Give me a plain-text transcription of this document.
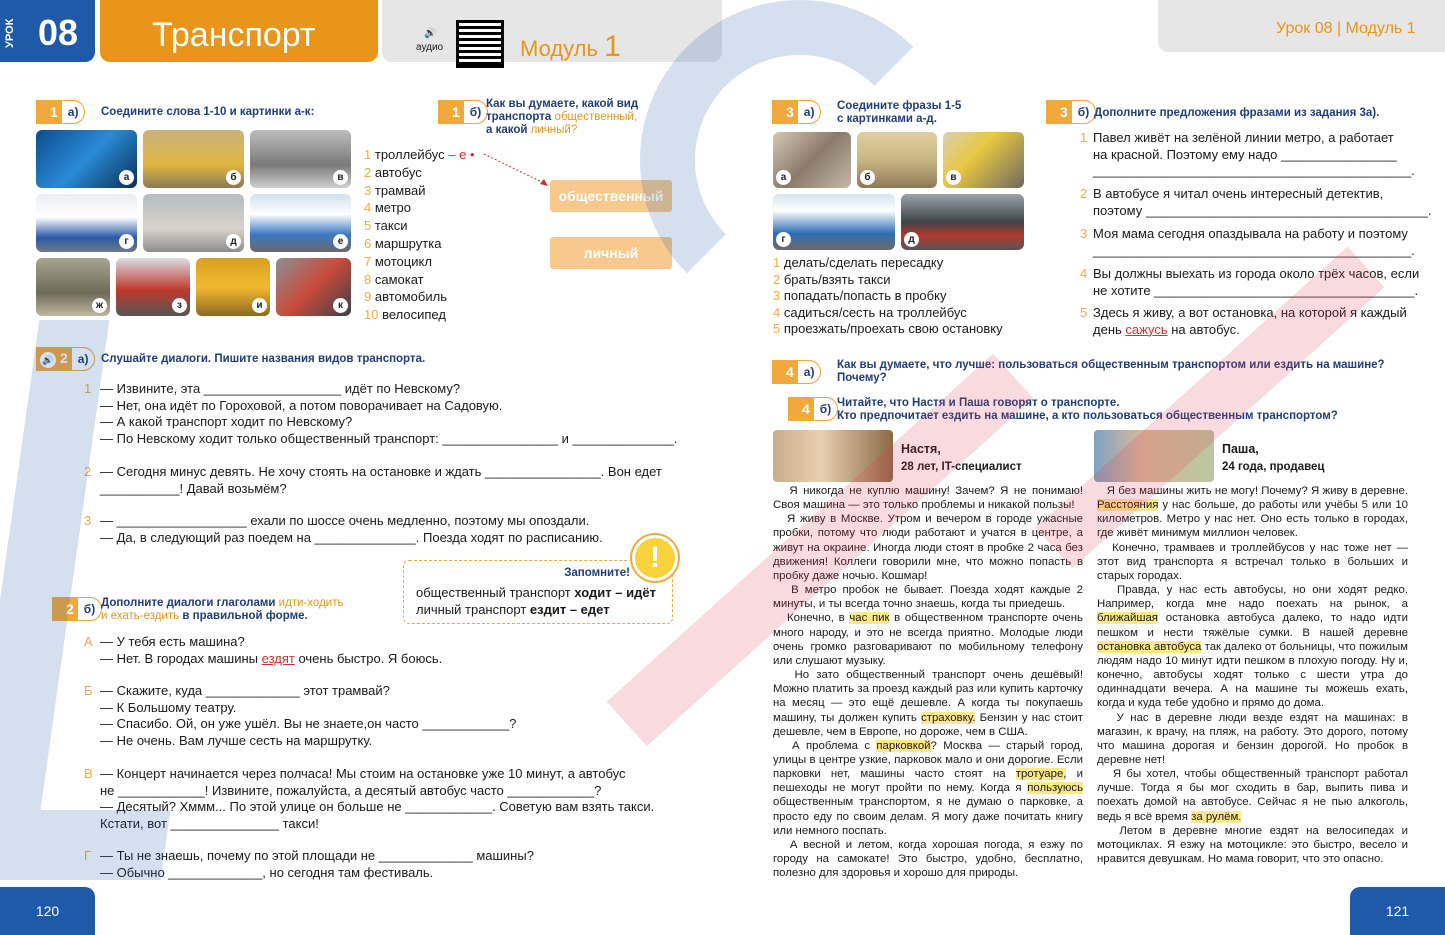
УРОК 08 Транспорт	🔊
аудио	Модуль 1
1 а)	Соедините слова 1-10 и картинки а-к:
а	б	в
г	д	е
ж	з	и	к
1 троллейбус – е •
2 автобус
3 трамвай
4 метро
5 такси
6 маршрутка
7 мотоцикл
8 самокат
9 автомобиль
10 велосипед
1 б)
Как вы думаете, какой вид
транспорта общественный,
а какой личный?
общественный
личный
🔊 2 а)	Слушайте диалоги. Пишите названия видов транспорта.
1 — Извините, эта ___________________ идёт по Невскому?
— Нет, она идёт по Гороховой, а потом поворачивает на Садовую.
— А какой транспорт ходит по Невскому?
— По Невскому ходит только общественный транспорт: ________________ и ______________.
2 — Сегодня минус девять. Не хочу стоять на остановке и ждать ________________. Вон едет
___________! Давай возьмём?
3 — __________________ ехали по шоссе очень медленно, поэтому мы опоздали.
— Да, в следующий раз поедем на ______________. Поезда ходят по расписанию.
Запомните!
общественный транспорт ходит – идёт
личный транспорт ездит – едет
!
2 б) Дополните диалоги глаголами идти-ходить
и ехать-ездить в правильной форме.
А — У тебя есть машина?
— Нет. В городах машины ездят очень быстро. Я боюсь.
Б — Скажите, куда _____________ этот трамвай?
— К Большому театру.
— Спасибо. Ой, он уже ушёл. Вы не знаете,он часто ____________?
— Не очень. Вам лучше сесть на маршрутку.
В — Концерт начинается через полчаса! Мы стоим на остановке уже 10 минут, а автобус
не ____________! Извините, пожалуйста, а десятый автобус часто ____________?
— Десятый? Хммм... По этой улице он больше не ____________. Советую вам взять такси.
Кстати, вот _______________ такси!
Г — Ты не знаешь, почему по этой площади не _____________ машины?
— Обычно _____________, но сегодня там фестиваль.
120
Урок 08 | Модуль 1
3 а)	Соедините фразы 1-5
с картинками а-д.
а	б	в
г	д
1 делать/сделать пересадку
2 брать/взять такси
3 попадать/попасть в пробку
4 садиться/сесть на троллейбус
5 проезжать/проехать свою остановку
3 б) Дополните предложения фразами из задания 3а).
1 Павел живёт на зелёной линии метро, а работает
на красной. Поэтому ему надо ________________
____________________________________________.
2 В автобусе я читал очень интересный детектив,
поэтому _______________________________________.
3 Моя мама сегодня опаздывала на работу и поэтому
____________________________________________.
4 Вы должны выехать из города около трёх часов, если
не хотите ____________________________________.
5 Здесь я живу, а вот остановка, на которой я каждый
день сажусь на автобус.
4 а)	Как вы думаете, что лучше: пользоваться общественным транспортом или ездить на машине?
Почему?
4 б) Читайте, что Настя и Паша говорят о транспорте.
Кто предпочитает ездить на машине, а кто пользоваться общественным транспортом?
Настя,
28 лет, IT-специалист
Я никогда не куплю машину! Зачем? Я не понимаю! Своя машина — это только проблемы и никакой пользы!
Я живу в Москве. Утром и вечером в городе ужасные пробки, потому что люди работают и учатся в центре, а живут на окраине. Иногда люди стоят в пробке 2 часа без движения! Коллеги говорили мне, что можно попасть в пробку даже ночью. Кошмар!
В метро пробок не бывает. Поезда ходят каждые 2 минуты, и ты всегда точно знаешь, когда ты приедешь.
Конечно, в час пик в общественном транспорте очень много народу, и это не всегда приятно. Молодые люди очень громко разговаривают по мобильному телефону или слушают музыку.
Но зато общественный транспорт очень дешёвый! Можно платить за проезд каждый раз или купить карточку на месяц — это ещё дешевле. А когда ты покупаешь машину, ты должен купить страховку. Бензин у нас стоит дешевле, чем в Европе, но дороже, чем в США.
А проблема с парковкой? Москва — старый город, улицы в центре узкие, парковок мало и они дорогие. Если парковки нет, машины часто стоят на тротуаре, и пешеходы не могут пройти по нему. Когда я пользуюсь общественным транспортом, я не думаю о парковке, а просто еду по своим делам. Я могу даже почитать книгу или немного поспать.
А весной и летом, когда хорошая погода, я езжу по городу на самокате! Это быстро, удобно, бесплатно, полезно для здоровья и хорошо для природы.
Паша,
24 года, продавец
Я без машины жить не могу! Почему? Я живу в деревне. Расстояния у нас больше, до работы или учёбы 5 или 10 километров. Метро у нас нет. Оно есть только в городах, где живёт минимум миллион человек.
Конечно, трамваев и троллейбусов у нас тоже нет — этот вид транспорта я встречал только в больших и старых городах.
Правда, у нас есть автобусы, но они ходят редко. Например, когда мне надо поехать на рынок, а ближайшая остановка автобуса далеко, то надо идти пешком и нести тяжёлые сумки. В нашей деревне остановка автобуса так далеко от больницы, что пожилым людям надо 10 минут идти пешком в плохую погоду. Ну и, конечно, автобусы ходят только с шести утра до одиннадцати вечера. А на машине ты можешь ехать, когда и куда тебе удобно и прямо до дома.
У нас в деревне люди везде ездят на машинах: в магазин, к врачу, на пляж, на работу. Это дорого, потому что машина дорогая и бензин дорогой. Но пробок в деревне нет!
Я бы хотел, чтобы общественный транспорт работал лучше. Тогда я бы мог сходить в бар, выпить пива и поехать домой на автобусе. Сейчас я не пью алкоголь, ведь я всё время за рулём.
Летом в деревне многие ездят на велосипедах и мотоциклах. Я езжу на мотоцикле: это быстро, весело и нравится девушкам. Но мама говорит, что это опасно.
121
